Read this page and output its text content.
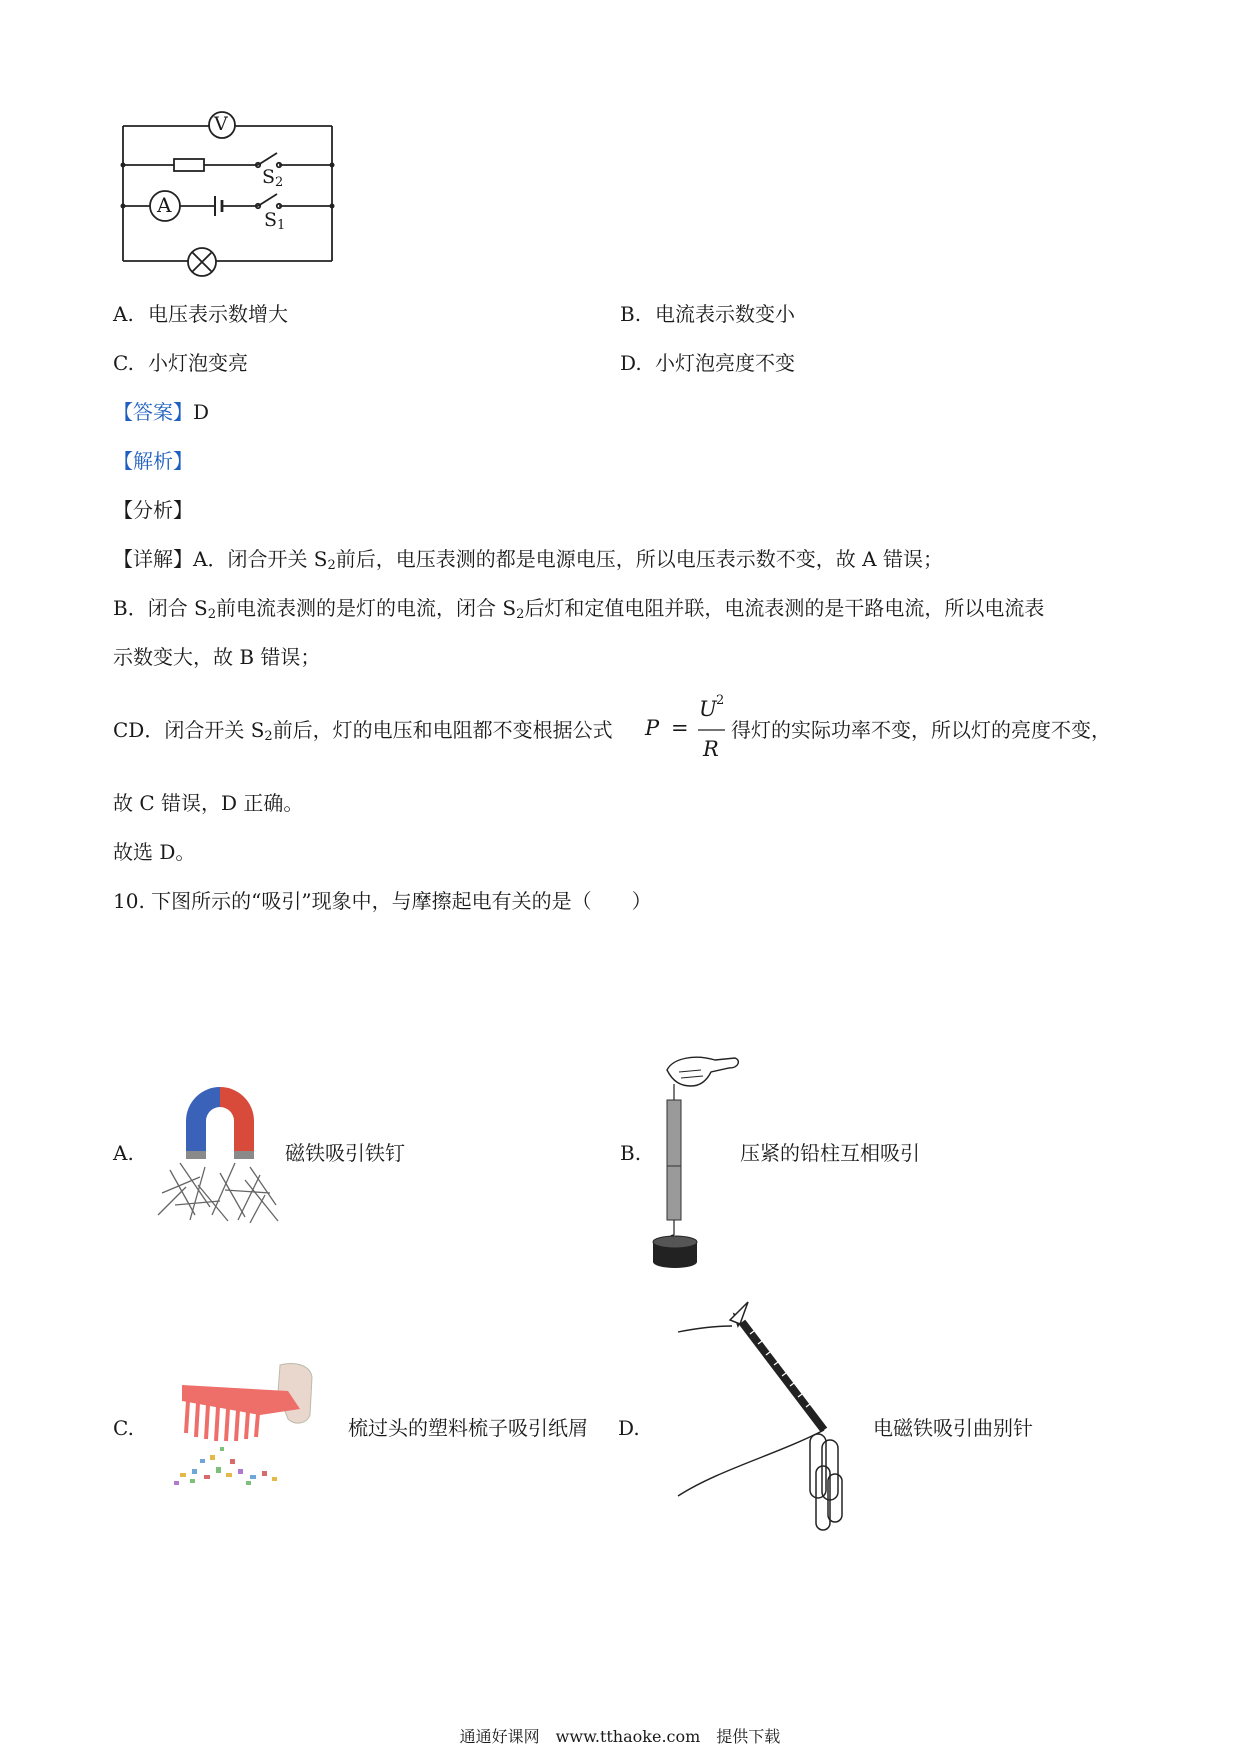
V
A
$S_2$
$S_1$
A. 电压表示数增大	B. 电流表示数变小
C. 小灯泡变亮	D. 小灯泡亮度不变
【答案】D
【解析】
【分析】
【详解】A．闭合开关 $S_2$前后，电压表测的都是电源电压，所以电压表示数不变，故 A 错误；
B．闭合 $S_2$前电流表测的是灯的电流，闭合 $S_2$后灯和定值电阻并联，电流表测的是干路电流，所以电流表
示数变大，故 B 错误；
CD．闭合开关 $S_2$前后，灯的电压和电阻都不变根据公式 P =
U 2
R
得灯的实际功率不变，所以灯的亮度不变，
故 C 错误，D 正确。
故选 D。
10. 下图所示的“吸引”现象中，与摩擦起电有关的是（　　）
A.	磁铁吸引铁钉	B.	压紧的铅柱互相吸引
C.	梳过头的塑料梳子吸引纸屑 D.	电磁铁吸引曲别针
通通好课网　www.tthaoke.com　提供下载
